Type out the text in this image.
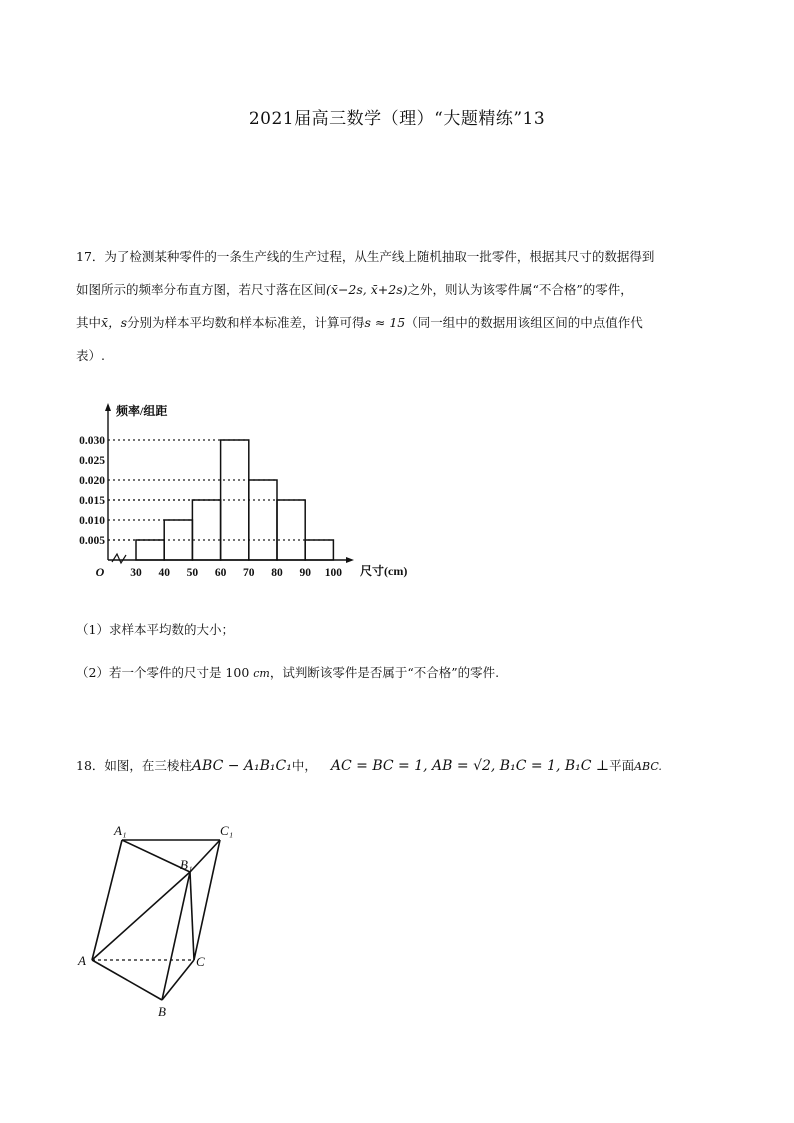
2021届高三数学（理）“大题精练”13
17．为了检测某种零件的一条生产线的生产过程，从生产线上随机抽取一批零件，根据其尺寸的数据得到
如图所示的频率分布直方图，若尺寸落在区间(x̄−2s, x̄+2s)之外，则认为该零件属“不合格”的零件，
其中x̄，s分别为样本平均数和样本标准差，计算可得s ≈ 15（同一组中的数据用该组区间的中点值作代
表）.
0.005
0.010
0.015
0.020
0.025
0.030
30 40 50 60 70 80 90 100
O
频率/组距
尺寸(cm)
（1）求样本平均数的大小；
（2）若一个零件的尺寸是 100 cm，试判断该零件是否属于“不合格”的零件.
18．如图，在三棱柱ABC − A₁B₁C₁中， AC = BC = 1, AB = √2, B₁C = 1, B₁C ⊥平面ABC.
A₁	C₁
B₁
A	C
B
